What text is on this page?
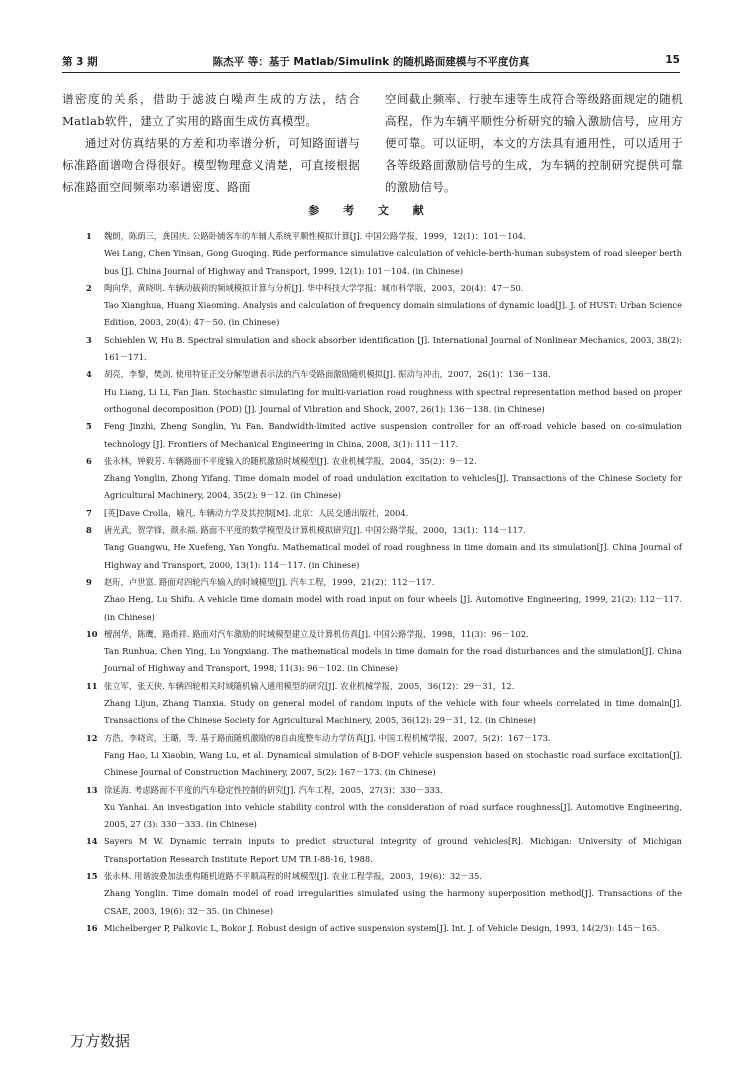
第 3 期	陈杰平 等：基于 Matlab/Simulink 的随机路面建模与不平度仿真	15

谱密度的关系，借助于滤波白噪声生成的方法，结合Matlab软件，建立了实用的路面生成仿真模型。

通过对仿真结果的方差和功率谱分析，可知路面谱与标准路面谱吻合得很好。模型物理意义清楚，可直接根据标准路面空间频率功率谱密度、路面

空间截止频率、行驶车速等生成符合等级路面规定的随机高程，作为车辆平顺性分析研究的输入激励信号，应用方便可靠。可以证明，本文的方法具有通用性，可以适用于各等级路面激励信号的生成，为车辆的控制研究提供可靠的激励信号。

参 考 文 献
1 魏朗，陈荫三，龚国庆. 公路卧铺客车的车辅人系统平顺性模拟计算[J]. 中国公路学报，1999，12(1)：101－104.
Wei Lang, Chen Yinsan, Gong Guoqing. Ride performance simulative calculation of vehicle-berth-human subsystem of road sleeper berth bus [J]. China Journal of Highway and Transport, 1999, 12(1): 101－104. (in Chinese)
2 陶向华，黄晓明. 车辆动载荷的频域模拟计算与分析[J]. 华中科技大学学报：城市科学版，2003，20(4)：47－50.
Tao Xianghua, Huang Xiaoming. Analysis and calculation of frequency domain simulations of dynamic load[J]. J. of HUST: Urban Science Edition, 2003, 20(4): 47－50. (in Chinese)
3 Schiehlen W, Hu B. Spectral simulation and shock absorber identification [J]. International Journal of Nonlinear Mechanics, 2003, 38(2): 161－171.
4 胡亮，李黎，樊剑. 使用特征正交分解型谱表示法的汽车受路面激励随机模拟[J]. 振动与冲击，2007，26(1)：136－138.
Hu Liang, Li Li, Fan Jian. Stochastic simulating for multi-variation road roughness with spectral representation method based on proper orthogonal decomposition (POD) [J]. Journal of Vibration and Shock, 2007, 26(1): 136－138. (in Chinese)
5 Feng Jinzhi, Zheng Songlin, Yu Fan. Bandwidth-limited active suspension controller for an off-road vehicle based on co-simulation technology [J]. Frontiers of Mechanical Engineering in China, 2008, 3(1): 111－117.
6 张永林，钟毅芳. 车辆路面不平度输入的随机激励时域模型[J]. 农业机械学报，2004，35(2)：9－12.
Zhang Yonglin, Zhong Yifang. Time domain model of road undulation excitation to vehicles[J]. Transactions of the Chinese Society for Agricultural Machinery, 2004, 35(2): 9－12. (in Chinese)
7 [英]Dave Crolla，喻凡. 车辆动力学及其控制[M]. 北京：人民交通出版社，2004.
8 唐光武，贺学锋，颜永福. 路面不平度的数学模型及计算机模拟研究[J]. 中国公路学报，2000，13(1)：114－117.
Tang Guangwu, He Xuefeng, Yan Yongfu. Mathematical model of road roughness in time domain and its simulation[J]. China Journal of Highway and Transport, 2000, 13(1): 114－117. (in Chinese)
9 赵珩，卢世富. 路面对四轮汽车输入的时域模型[J]. 汽车工程，1999，21(2)：112－117.
Zhao Heng, Lu Shifu. A vehicle time domain model with road input on four wheels [J]. Automotive Engineering, 1999, 21(2): 112－117. (in Chinese)
10 檀润华，陈鹰，路甬祥. 路面对汽车激励的时域模型建立及计算机仿真[J]. 中国公路学报，1998，11(3)：96－102.
Tan Runhua, Chen Ying, Lu Yongxiang. The mathematical models in time domain for the road disturbances and the simulation[J]. China Journal of Highway and Transport, 1998, 11(3): 96－102. (in Chinese)
11 张立军，张天侠. 车辆四轮相关时域随机输入通用模型的研究[J]. 农业机械学报，2005，36(12)：29－31，12.
Zhang Lijun, Zhang Tianxia. Study on general model of random inputs of the vehicle with four wheels correlated in time domain[J]. Transactions of the Chinese Society for Agricultural Machinery, 2005, 36(12): 29－31, 12. (in Chinese)
12 方浩，李晓宾，王璐，等. 基于路面随机激励的8自由度整车动力学仿真[J]. 中国工程机械学报，2007，5(2)：167－173.
Fang Hao, Li Xiaobin, Wang Lu, et al. Dynamical simulation of 8-DOF vehicle suspension based on stochastic road surface excitation[J]. Chinese Journal of Construction Machinery, 2007, 5(2): 167－173. (in Chinese)
13 徐延海. 考虑路面不平度的汽车稳定性控制的研究[J]. 汽车工程，2005，27(3)：330－333.
Xu Yanhai. An investigation into vehicle stability control with the consideration of road surface roughness[J]. Automotive Engineering, 2005, 27 (3): 330－333. (in Chinese)
14 Sayers M W. Dynamic terrain inputs to predict structural integrity of ground vehicles[R]. Michigan: University of Michigan Transportation Research Institute Report UM TR I-88-16, 1988.
15 张永林. 用谐波叠加法重构随机道路不平顺高程的时域模型[J]. 农业工程学报，2003，19(6)：32－35.
Zhang Yonglin. Time domain model of road irregularities simulated using the harmony superposition method[J]. Transactions of the CSAE, 2003, 19(6): 32－35. (in Chinese)
16 Michelberger P, Palkovic L, Bokor J. Robust design of active suspension system[J]. Int. J. of Vehicle Design, 1993, 14(2/3): 145－165.
万方数据
